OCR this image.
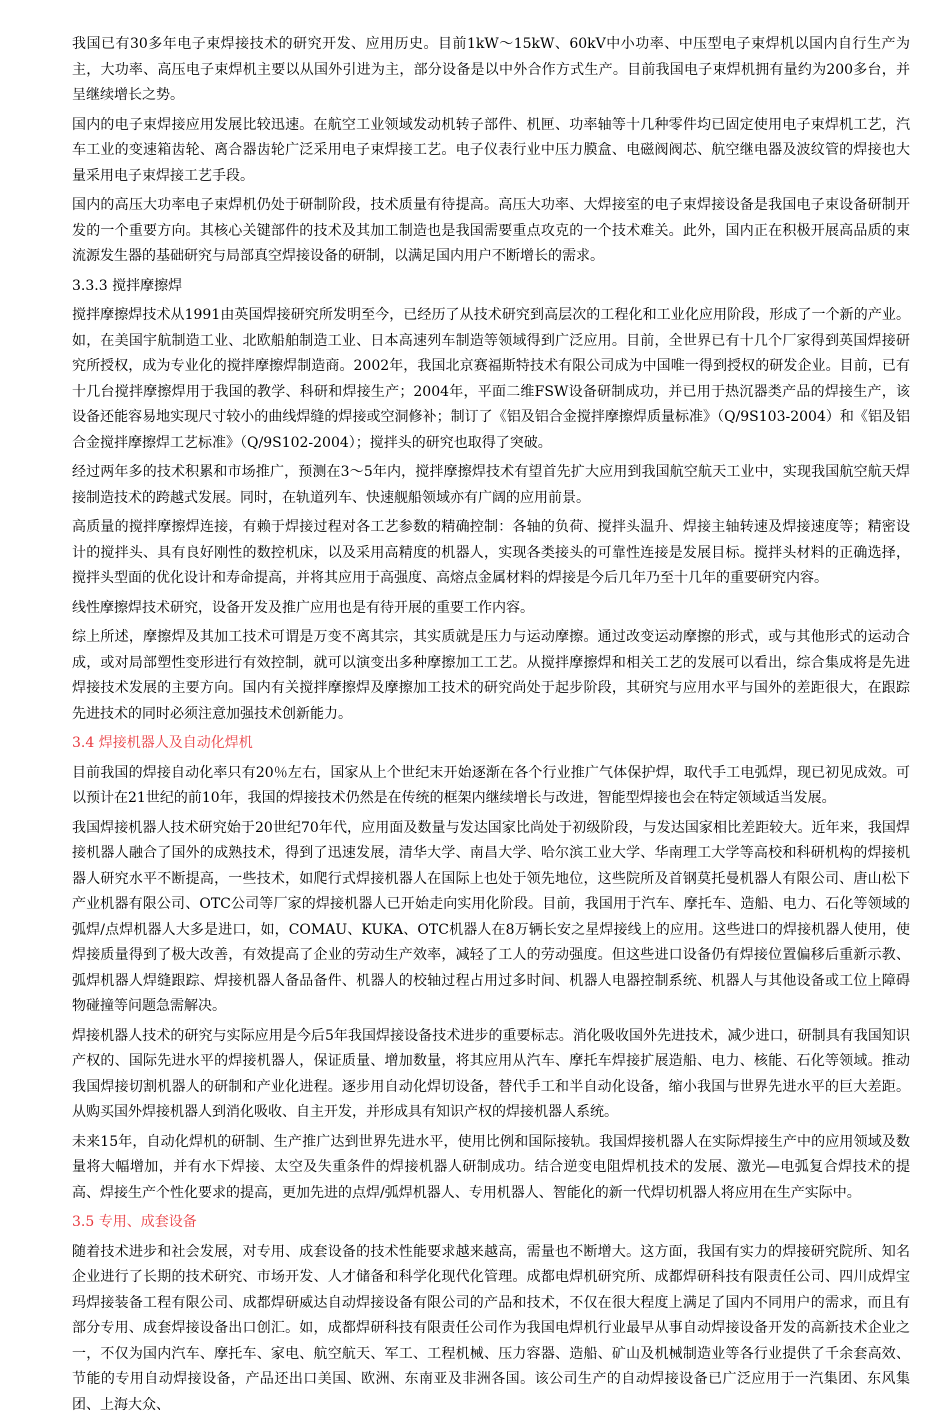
我国已有30多年电子束焊接技术的研究开发、应用历史。目前1kW～15kW、60kV中小功率、中压型电子束焊机以国内自行生产为主，大功率、高压电子束焊机主要以从国外引进为主，部分设备是以中外合作方式生产。目前我国电子束焊机拥有量约为200多台，并呈继续增长之势。

国内的电子束焊接应用发展比较迅速。在航空工业领域发动机转子部件、机匣、功率轴等十几种零件均已固定使用电子束焊机工艺，汽车工业的变速箱齿轮、离合器齿轮广泛采用电子束焊接工艺。电子仪表行业中压力膜盒、电磁阀阀芯、航空继电器及波纹管的焊接也大量采用电子束焊接工艺手段。

国内的高压大功率电子束焊机仍处于研制阶段，技术质量有待提高。高压大功率、大焊接室的电子束焊接设备是我国电子束设备研制开发的一个重要方向。其核心关键部件的技术及其加工制造也是我国需要重点攻克的一个技术难关。此外，国内正在积极开展高品质的束流源发生器的基础研究与局部真空焊接设备的研制，以满足国内用户不断增长的需求。

3.3.3 搅拌摩擦焊

搅拌摩擦焊技术从1991由英国焊接研究所发明至今，已经历了从技术研究到高层次的工程化和工业化应用阶段，形成了一个新的产业。如，在美国宇航制造工业、北欧船舶制造工业、日本高速列车制造等领域得到广泛应用。目前，全世界已有十几个厂家得到英国焊接研究所授权，成为专业化的搅拌摩擦焊制造商。2002年，我国北京赛福斯特技术有限公司成为中国唯一得到授权的研发企业。目前，已有十几台搅拌摩擦焊用于我国的教学、科研和焊接生产；2004年，平面二维FSW设备研制成功，并已用于热沉器类产品的焊接生产，该设备还能容易地实现尺寸较小的曲线焊缝的焊接或空洞修补；制订了《铝及铝合金搅拌摩擦焊质量标准》（Q/9S103-2004）和《铝及铝合金搅拌摩擦焊工艺标准》（Q/9S102-2004）；搅拌头的研究也取得了突破。

经过两年多的技术积累和市场推广，预测在3～5年内，搅拌摩擦焊技术有望首先扩大应用到我国航空航天工业中，实现我国航空航天焊接制造技术的跨越式发展。同时，在轨道列车、快速舰船领域亦有广阔的应用前景。

高质量的搅拌摩擦焊连接，有赖于焊接过程对各工艺参数的精确控制：各轴的负荷、搅拌头温升、焊接主轴转速及焊接速度等；精密设计的搅拌头、具有良好刚性的数控机床，以及采用高精度的机器人，实现各类接头的可靠性连接是发展目标。搅拌头材料的正确选择，搅拌头型面的优化设计和寿命提高，并将其应用于高强度、高熔点金属材料的焊接是今后几年乃至十几年的重要研究内容。

线性摩擦焊技术研究，设备开发及推广应用也是有待开展的重要工作内容。

综上所述，摩擦焊及其加工技术可谓是万变不离其宗，其实质就是压力与运动摩擦。通过改变运动摩擦的形式，或与其他形式的运动合成，或对局部塑性变形进行有效控制，就可以演变出多种摩擦加工工艺。从搅拌摩擦焊和相关工艺的发展可以看出，综合集成将是先进焊接技术发展的主要方向。国内有关搅拌摩擦焊及摩擦加工技术的研究尚处于起步阶段，其研究与应用水平与国外的差距很大，在跟踪先进技术的同时必须注意加强技术创新能力。

3.4 焊接机器人及自动化焊机

目前我国的焊接自动化率只有20％左右，国家从上个世纪末开始逐渐在各个行业推广气体保护焊，取代手工电弧焊，现已初见成效。可以预计在21世纪的前10年，我国的焊接技术仍然是在传统的框架内继续增长与改进，智能型焊接也会在特定领域适当发展。

我国焊接机器人技术研究始于20世纪70年代，应用面及数量与发达国家比尚处于初级阶段，与发达国家相比差距较大。近年来，我国焊接机器人融合了国外的成熟技术，得到了迅速发展，清华大学、南昌大学、哈尔滨工业大学、华南理工大学等高校和科研机构的焊接机器人研究水平不断提高，一些技术，如爬行式焊接机器人在国际上也处于领先地位，这些院所及首钢莫托曼机器人有限公司、唐山松下产业机器有限公司、OTC公司等厂家的焊接机器人已开始走向实用化阶段。目前，我国用于汽车、摩托车、造船、电力、石化等领域的弧焊/点焊机器人大多是进口，如，COMAU、KUKA、OTC机器人在8万辆长安之星焊接线上的应用。这些进口的焊接机器人使用，使焊接质量得到了极大改善，有效提高了企业的劳动生产效率，减轻了工人的劳动强度。但这些进口设备仍有焊接位置偏移后重新示教、弧焊机器人焊缝跟踪、焊接机器人备品备件、机器人的校轴过程占用过多时间、机器人电器控制系统、机器人与其他设备或工位上障碍物碰撞等问题急需解决。

焊接机器人技术的研究与实际应用是今后5年我国焊接设备技术进步的重要标志。消化吸收国外先进技术，减少进口，研制具有我国知识产权的、国际先进水平的焊接机器人，保证质量、增加数量，将其应用从汽车、摩托车焊接扩展造船、电力、核能、石化等领域。推动我国焊接切割机器人的研制和产业化进程。逐步用自动化焊切设备，替代手工和半自动化设备，缩小我国与世界先进水平的巨大差距。从购买国外焊接机器人到消化吸收、自主开发，并形成具有知识产权的焊接机器人系统。

未来15年，自动化焊机的研制、生产推广达到世界先进水平，使用比例和国际接轨。我国焊接机器人在实际焊接生产中的应用领域及数量将大幅增加，并有水下焊接、太空及失重条件的焊接机器人研制成功。结合逆变电阻焊机技术的发展、激光—电弧复合焊技术的提高、焊接生产个性化要求的提高，更加先进的点焊/弧焊机器人、专用机器人、智能化的新一代焊切机器人将应用在生产实际中。

3.5 专用、成套设备

随着技术进步和社会发展，对专用、成套设备的技术性能要求越来越高，需量也不断增大。这方面，我国有实力的焊接研究院所、知名企业进行了长期的技术研究、市场开发、人才储备和科学化现代化管理。成都电焊机研究所、成都焊研科技有限责任公司、四川成焊宝玛焊接装备工程有限公司、成都焊研威达自动焊接设备有限公司的产品和技术，不仅在很大程度上满足了国内不同用户的需求，而且有部分专用、成套焊接设备出口创汇。如，成都焊研科技有限责任公司作为我国电焊机行业最早从事自动焊接设备开发的高新技术企业之一，不仅为国内汽车、摩托车、家电、航空航天、军工、工程机械、压力容器、造船、矿山及机械制造业等各行业提供了千余套高效、节能的专用自动焊接设备，产品还出口美国、欧洲、东南亚及非洲各国。该公司生产的自动焊接设备已广泛应用于一汽集团、东风集团、上海大众、
